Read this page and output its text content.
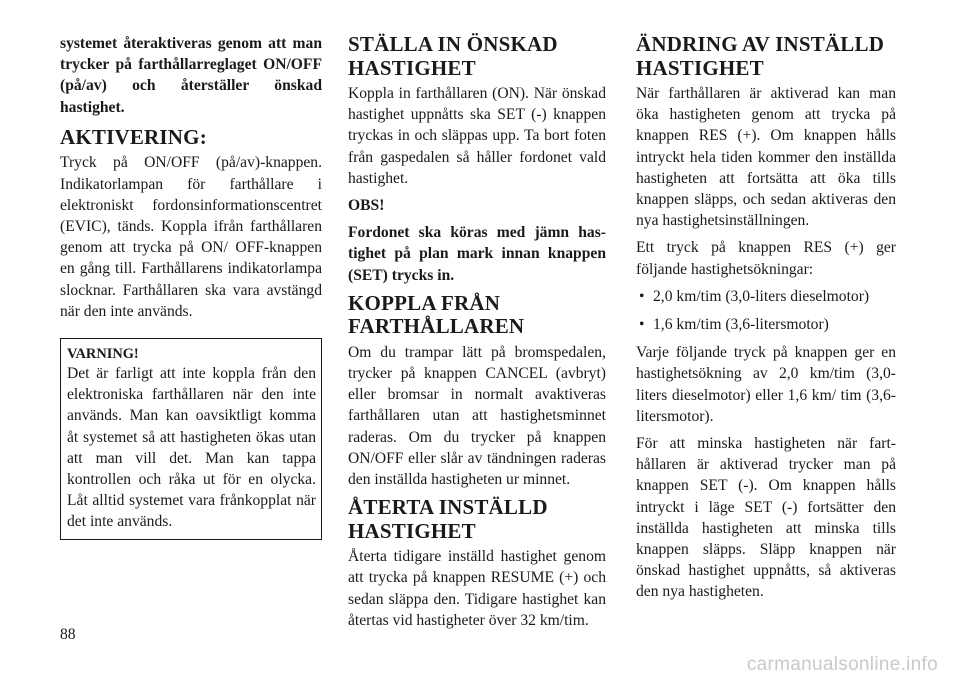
systemet återaktiveras genom att man trycker på farthållarreglaget ON/OFF (på/av) och återställer önskad hastighet.

AKTIVERING:

Tryck på ON/OFF (på/av)-knappen. Indikatorlampan för farthållare i elektroniskt fordonsinformationscentret (EVIC), tänds. Koppla ifrån farthållaren genom att trycka på ON/ OFF-knappen en gång till. Farthållarens indikatorlampa slocknar. Farthållaren ska vara avstängd när den inte används.

VARNING!

Det är farligt att inte koppla från den elektroniska farthållaren när den inte används. Man kan oavsiktligt komma åt systemet så att hastigheten ökas utan att man vill det. Man kan tappa kontrollen och råka ut för en olycka. Låt alltid systemet vara frånkopplat när det inte används.

STÄLLA IN ÖNSKAD HASTIGHET

Koppla in farthållaren (ON). När önskad hastighet uppnåtts ska SET (-) knappen tryckas in och släppas upp. Ta bort foten från gaspedalen så håller fordonet vald hastighet.

OBS!

Fordonet ska köras med jämn hastighet på plan mark innan knappen (SET) trycks in.

KOPPLA FRÅN FARTHÅLLAREN

Om du trampar lätt på bromspedalen, trycker på knappen CANCEL (avbryt) eller bromsar in normalt avaktiveras farthållaren utan att hastighetsminnet raderas. Om du trycker på knappen ON/OFF eller slår av tändningen raderas den inställda hastigheten ur minnet.

ÅTERTA INSTÄLLD HASTIGHET

Återta tidigare inställd hastighet genom att trycka på knappen RESUME (+) och sedan släppa den. Tidigare hastighet kan återtas vid hastigheter över 32 km/tim.

ÄNDRING AV INSTÄLLD HASTIGHET

När farthållaren är aktiverad kan man öka hastigheten genom att trycka på knappen RES (+). Om knappen hålls intryckt hela tiden kommer den inställda hastigheten att fortsätta att öka tills knappen släpps, och sedan aktiveras den nya hastighetsinställningen.

Ett tryck på knappen RES (+) ger följande hastighetsökningar:

• 2,0 km/tim (3,0-liters dieselmotor)
• 1,6 km/tim (3,6-litersmotor)

Varje följande tryck på knappen ger en hastighetsökning av 2,0 km/tim (3,0-liters dieselmotor) eller 1,6 km/ tim (3,6-litersmotor).

För att minska hastigheten när farthållaren är aktiverad trycker man på knappen SET (-). Om knappen hålls intryckt i läge SET (-) fortsätter den inställda hastigheten att minska tills knappen släpps. Släpp knappen när önskad hastighet uppnåtts, så aktiveras den nya hastigheten.

88
carmanualsonline.info
